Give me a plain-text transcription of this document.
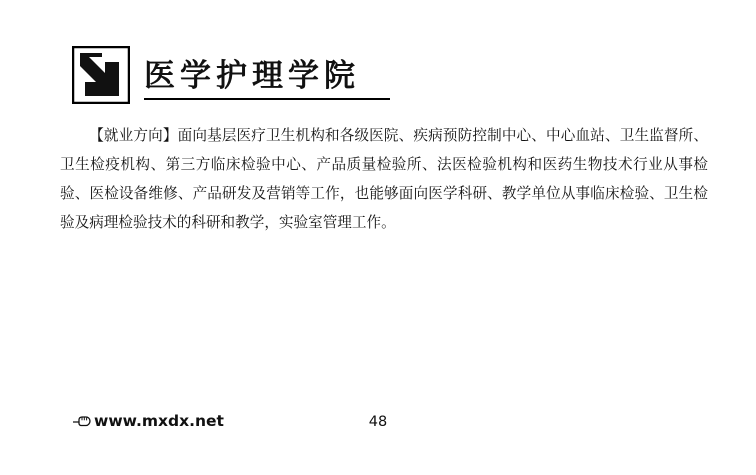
医学护理学院

【就业方向】面向基层医疗卫生机构和各级医院、疾病预防控制中心、中心血站、卫生监督所、卫生检疫机构、第三方临床检验中心、产品质量检验所、法医检验机构和医药生物技术行业从事检验、医检设备维修、产品研发及营销等工作，也能够面向医学科研、教学单位从事临床检验、卫生检验及病理检验技术的科研和教学，实验室管理工作。

www.mxdx.net	48
